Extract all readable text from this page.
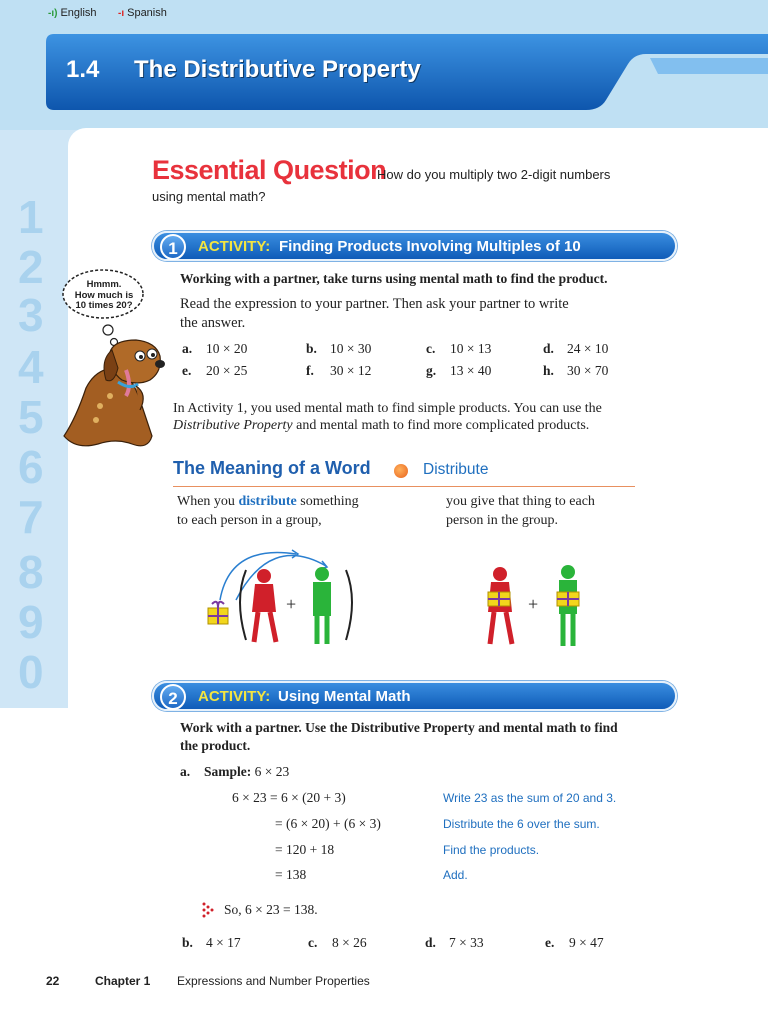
-ı) English -ı Spanish
1.4 The Distributive Property
1
2
3
4
5
6
7
8
9
0
Essential Question
How do you multiply two 2-digit numbers
using mental math?
1	ACTIVITY: Finding Products Involving Multiples of 10
Working with a partner, take turns using mental math to find the product.
Read the expression to your partner. Then ask your partner to write
the answer.
a. 10 × 20	b. 10 × 30	c. 10 × 13	d. 24 × 10
e. 20 × 25	f. 30 × 12	g. 13 × 40	h. 30 × 70
Hmmm.
How much is
10 times 20?
In Activity 1, you used mental math to find simple products. You can use the
Distributive Property and mental math to find more complicated products.
The Meaning of a Word	Distribute
When you distribute something
to each person in a group,
you give that thing to each
person in the group.
+	+
2	ACTIVITY: Using Mental Math
Work with a partner. Use the Distributive Property and mental math to find
the product.
a. Sample: 6 × 23
6 × 23 = 6 × (20 + 3)	Write 23 as the sum of 20 and 3.
= (6 × 20) + (6 × 3)	Distribute the 6 over the sum.
= 120 + 18	Find the products.
= 138	Add.
So, 6 × 23 = 138.
b. 4 × 17	c. 8 × 26	d. 7 × 33	e. 9 × 47
22	Chapter 1 Expressions and Number Properties
